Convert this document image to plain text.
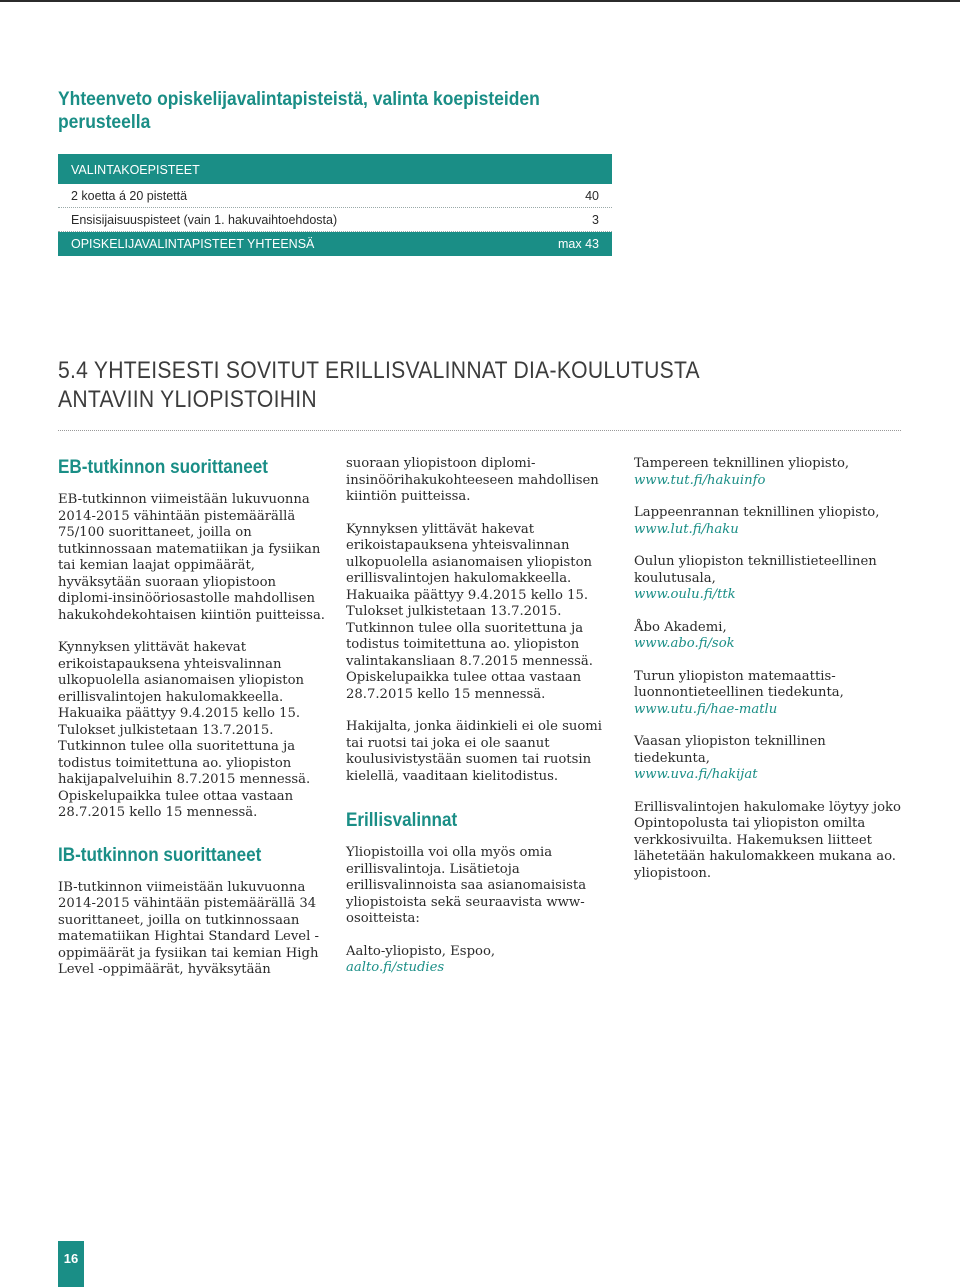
Yhteenveto opiskelijavalintapisteistä, valinta koepisteiden perusteella
VALINTAKOEPISTEET
2 koetta á 20 pistettä	40
Ensisijaisuuspisteet (vain 1. hakuvaihtoehdosta)	3
OPISKELIJAVALINTAPISTEET YHTEENSÄ	max 43
5.4 YHTEISESTI SOVITUT ERILLISVALINNAT DIA-KOULUTUSTA ANTAVIIN YLIOPISTOIHIN
EB-tutkinnon suorittaneet

EB-tutkinnon viimeistään lukuvuonna 2014-2015 vähintään pistemäärällä 75/100 suorittaneet, joilla on tutkinnossaan matematiikan ja fysiikan tai kemian laajat oppimäärät, hyväksytään suoraan yliopistoon diplomi-insinööriosastolle mahdollisen hakukohdekohtaisen kiintiön puitteissa.

Kynnyksen ylittävät hakevat erikoistapauksena yhteisvalinnan ulkopuolella asianomaisen yliopiston erillisvalintojen hakulomakkeella. Hakuaika päättyy 9.4.2015 kello 15. Tulokset julkistetaan 13.7.2015. Tutkinnon tulee olla suoritettuna ja todistus toimitettuna ao. yliopiston hakijapalveluihin 8.7.2015 mennessä. Opiskelupaikka tulee ottaa vastaan 28.7.2015 kello 15 mennessä.

IB-tutkinnon suorittaneet

IB-tutkinnon viimeistään lukuvuonna 2014-2015 vähintään pistemäärällä 34 suorittaneet, joilla on tutkinnossaan matematiikan Hightai Standard Level -oppimäärät ja fysiikan tai kemian High Level -oppimäärät, hyväksytään

suoraan yliopistoon diplomi-insinöörihakukohteeseen mahdollisen kiintiön puitteissa.

Kynnyksen ylittävät hakevat erikoistapauksena yhteisvalinnan ulkopuolella asianomaisen yliopiston erillisvalintojen hakulomakkeella. Hakuaika päättyy 9.4.2015 kello 15. Tulokset julkistetaan 13.7.2015. Tutkinnon tulee olla suoritettuna ja todistus toimitettuna ao. yliopiston valintakansliaan 8.7.2015 mennessä. Opiskelupaikka tulee ottaa vastaan 28.7.2015 kello 15 mennessä.

Hakijalta, jonka äidinkieli ei ole suomi tai ruotsi tai joka ei ole saanut koulusivistystään suomen tai ruotsin kielellä, vaaditaan kielitodistus.

Erillisvalinnat

Yliopistoilla voi olla myös omia erillisvalintoja. Lisätietoja erillisvalinnoista saa asianomaisista yliopistoista sekä seuraavista www-osoitteista:

Aalto-yliopisto, Espoo,
aalto.fi/studies

Tampereen teknillinen yliopisto,
www.tut.fi/hakuinfo

Lappeenrannan teknillinen yliopisto,
www.lut.fi/haku

Oulun yliopiston teknillistieteellinen koulutusala,
www.oulu.fi/ttk

Åbo Akademi,
www.abo.fi/sok

Turun yliopiston matemaattis-luonnontieteellinen tiedekunta,
www.utu.fi/hae-matlu

Vaasan yliopiston teknillinen tiedekunta,
www.uva.fi/hakijat

Erillisvalintojen hakulomake löytyy joko Opintopolusta tai yliopiston omilta verkkosivuilta. Hakemuksen liitteet lähetetään hakulomakkeen mukana ao. yliopistoon.

16
